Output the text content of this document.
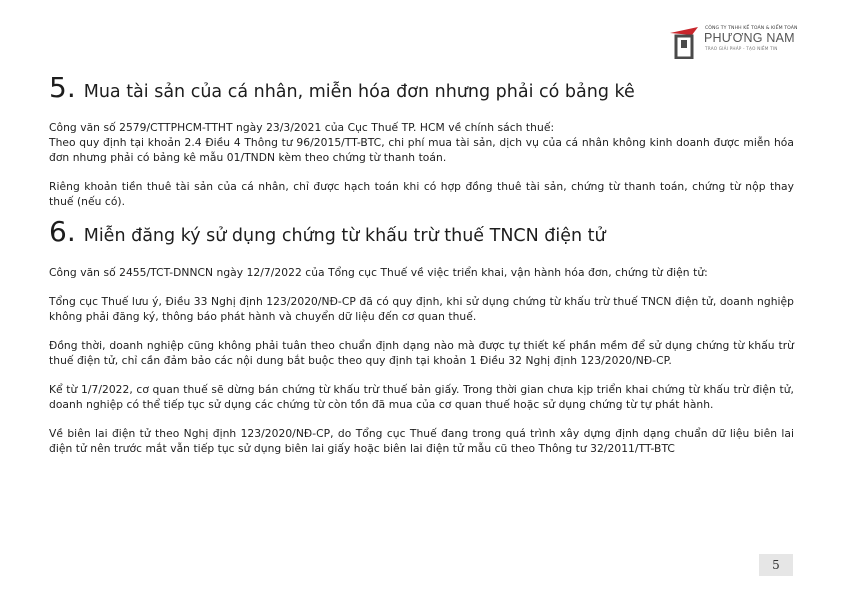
CÔNG TY TNHH KẾ TOÁN & KIỂM TOÁN
PHƯƠNG NAM
TRAO GIẢI PHÁP - TẠO NIỀM TIN
5. Mua tài sản của cá nhân, miễn hóa đơn nhưng phải có bảng kê

Công văn số 2579/CTTPHCM-TTHT ngày 23/3/2021 của Cục Thuế TP. HCM về chính sách thuế:

Theo quy định tại khoản 2.4 Điều 4 Thông tư 96/2015/TT-BTC, chi phí mua tài sản, dịch vụ của cá nhân không kinh doanh được miễn hóa đơn nhưng phải có bảng kê mẫu 01/TNDN kèm theo chứng từ thanh toán.

Riêng khoản tiền thuê tài sản của cá nhân, chỉ được hạch toán khi có hợp đồng thuê tài sản, chứng từ thanh toán, chứng từ nộp thay thuế (nếu có).

6. Miễn đăng ký sử dụng chứng từ khấu trừ thuế TNCN điện tử

Công văn số 2455/TCT-DNNCN ngày 12/7/2022 của Tổng cục Thuế về việc triển khai, vận hành hóa đơn, chứng từ điện tử:

Tổng cục Thuế lưu ý, Điều 33 Nghị định 123/2020/NĐ-CP đã có quy định, khi sử dụng chứng từ khấu trừ thuế TNCN điện tử, doanh nghiệp không phải đăng ký, thông báo phát hành và chuyển dữ liệu đến cơ quan thuế.

Đồng thời, doanh nghiệp cũng không phải tuân theo chuẩn định dạng nào mà được tự thiết kế phần mềm để sử dụng chứng từ khấu trừ thuế điện tử, chỉ cần đảm bảo các nội dung bắt buộc theo quy định tại khoản 1 Điều 32 Nghị định 123/2020/NĐ-CP.

Kể từ 1/7/2022, cơ quan thuế sẽ dừng bán chứng từ khấu trừ thuế bản giấy. Trong thời gian chưa kịp triển khai chứng từ khấu trừ điện tử, doanh nghiệp có thể tiếp tục sử dụng các chứng từ còn tồn đã mua của cơ quan thuế hoặc sử dụng chứng từ tự phát hành.

Về biên lai điện tử theo Nghị định 123/2020/NĐ-CP, do Tổng cục Thuế đang trong quá trình xây dựng định dạng chuẩn dữ liệu biên lai điện tử nên trước mắt vẫn tiếp tục sử dụng biên lai giấy hoặc biên lai điện tử mẫu cũ theo Thông tư 32/2011/TT-BTC

5
